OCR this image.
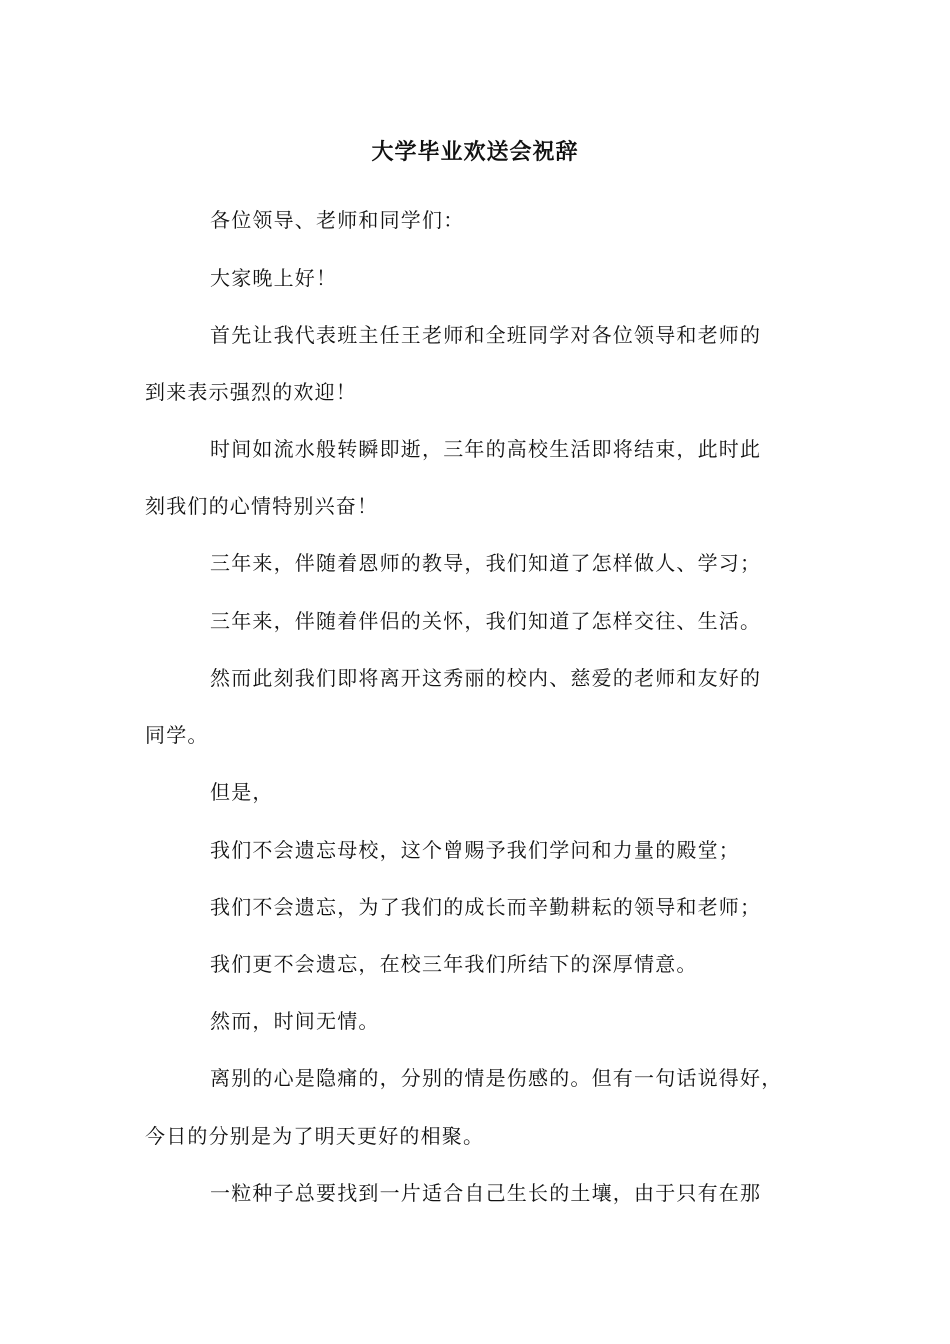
大学毕业欢送会祝辞
各位领导、老师和同学们：
大家晚上好！
首先让我代表班主任王老师和全班同学对各位领导和老师的
到来表示强烈的欢迎！
时间如流水般转瞬即逝，三年的高校生活即将结束，此时此
刻我们的心情特别兴奋！
三年来，伴随着恩师的教导，我们知道了怎样做人、学习；
三年来，伴随着伴侣的关怀，我们知道了怎样交往、生活。
然而此刻我们即将离开这秀丽的校内、慈爱的老师和友好的
同学。
但是，
我们不会遗忘母校，这个曾赐予我们学问和力量的殿堂；
我们不会遗忘，为了我们的成长而辛勤耕耘的领导和老师；
我们更不会遗忘，在校三年我们所结下的深厚情意。
然而，时间无情。
离别的心是隐痛的，分别的情是伤感的。但有一句话说得好，
今日的分别是为了明天更好的相聚。
一粒种子总要找到一片适合自己生长的土壤，由于只有在那
